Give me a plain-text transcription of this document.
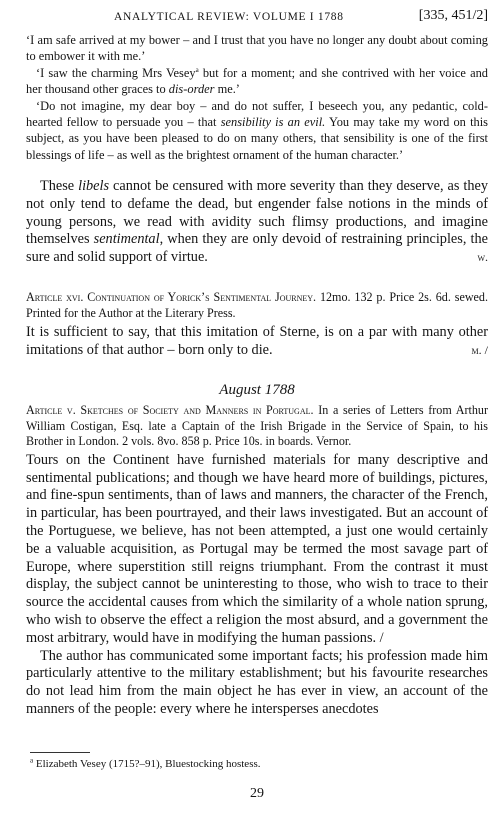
ANALYTICAL REVIEW: VOLUME I 1788	[335, 451/2]

‘I am safe arrived at my bower – and I trust that you have no longer any doubt about coming to embower it with me.’

‘I saw the charming Mrs Vesey$^a$ but for a moment; and she contrived with her voice and her thousand other graces to dis-order me.’

‘Do not imagine, my dear boy – and do not suffer, I beseech you, any pedantic, cold-hearted fellow to persuade you – that sensibility is an evil. You may take my word on this subject, as you have been pleased to do on many others, that sensibility is one of the first blessings of life – as well as the brightest ornament of the human character.’

These libels cannot be censured with more severity than they deserve, as they not only tend to defame the dead, but engender false notions in the minds of young persons, we read with avidity such flimsy productions, and imagine themselves sentimental, when they are only devoid of restraining principles, the sure and solid support of virtue.	w.

Article xvi. Continuation of Yorick’s Sentimental Journey. 12mo. 132 p. Price 2s. 6d. sewed. Printed for the Author at the Literary Press.

It is sufficient to say, that this imitation of Sterne, is on a par with many other imitations of that author – born only to die.	m. /

August 1788

Article v. Sketches of Society and Manners in Portugal. In a series of Letters from Arthur William Costigan, Esq. late a Captain of the Irish Brigade in the Service of Spain, to his Brother in London. 2 vols. 8vo. 858 p. Price 10s. in boards. Vernor.

Tours on the Continent have furnished materials for many descriptive and sentimental publications; and though we have heard more of buildings, pictures, and fine-spun sentiments, than of laws and manners, the character of the French, in particular, has been pourtrayed, and their laws investigated. But an account of the Portuguese, we believe, has not been attempted, a just one would certainly be a valuable acquisition, as Portugal may be termed the most savage part of Europe, where superstition still reigns triumphant. From the contrast it must display, the subject cannot be uninteresting to those, who wish to trace to their source the accidental causes from which the similarity of a whole nation sprung, who wish to observe the effect a religion the most absurd, and a government the most arbitrary, would have in modifying the human passions. /

The author has communicated some important facts; his profession made him particularly attentive to the military establishment; but his favourite researches do not lead him from the main object he has ever in view, an account of the manners of the people: every where he intersperses anecdotes

$^a$ Elizabeth Vesey (1715?–91), Bluestocking hostess.

29
